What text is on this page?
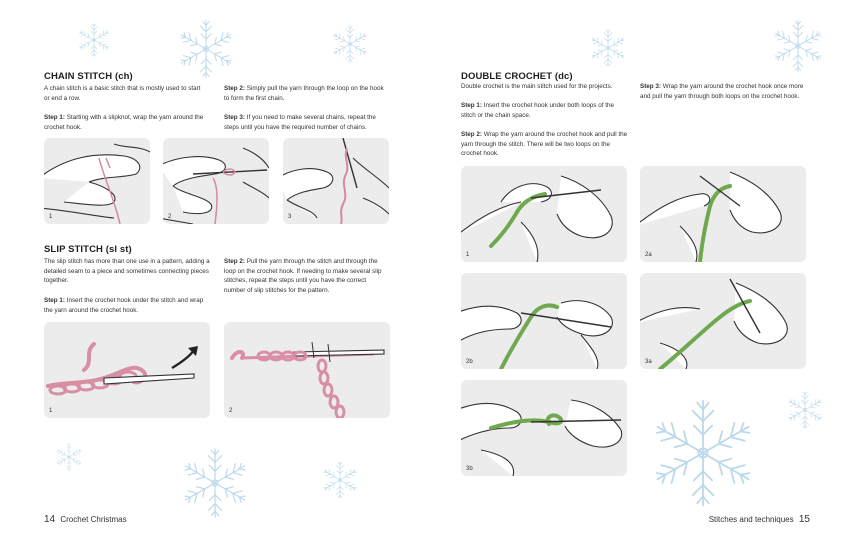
CHAIN STITCH (ch)
A chain stitch is a basic stitch that is mostly used to start or end a row.
Step 1: Starting with a slipknot, wrap the yarn around the crochet hook.
Step 2: Simply pull the yarn through the loop on the hook to form the first chain.
Step 3: If you need to make several chains, repeat the steps until you have the required number of chains.
1	2	3
SLIP STITCH (sl st)
The slip stitch has more than one use in a pattern, adding a detailed seam to a piece and sometimes connecting pieces together.
Step 1: Insert the crochet hook under the stitch and wrap the yarn around the crochet hook.
Step 2: Pull the yarn through the stitch and through the loop on the crochet hook. If needing to make several slip stitches, repeat the steps until you have the correct number of slip stitches for the pattern.
1	2
14 Crochet Christmas
DOUBLE CROCHET (dc)
Double crochet is the main stitch used for the projects.
Step 1: Insert the crochet hook under both loops of the stitch or the chain space.
Step 2: Wrap the yarn around the crochet hook and pull the yarn through the stitch. There will be two loops on the crochet hook.
Step 3: Wrap the yarn around the crochet hook once more and pull the yarn through both loops on the crochet hook.
1	2a
2b	3a
3b
Stitches and techniques 15
